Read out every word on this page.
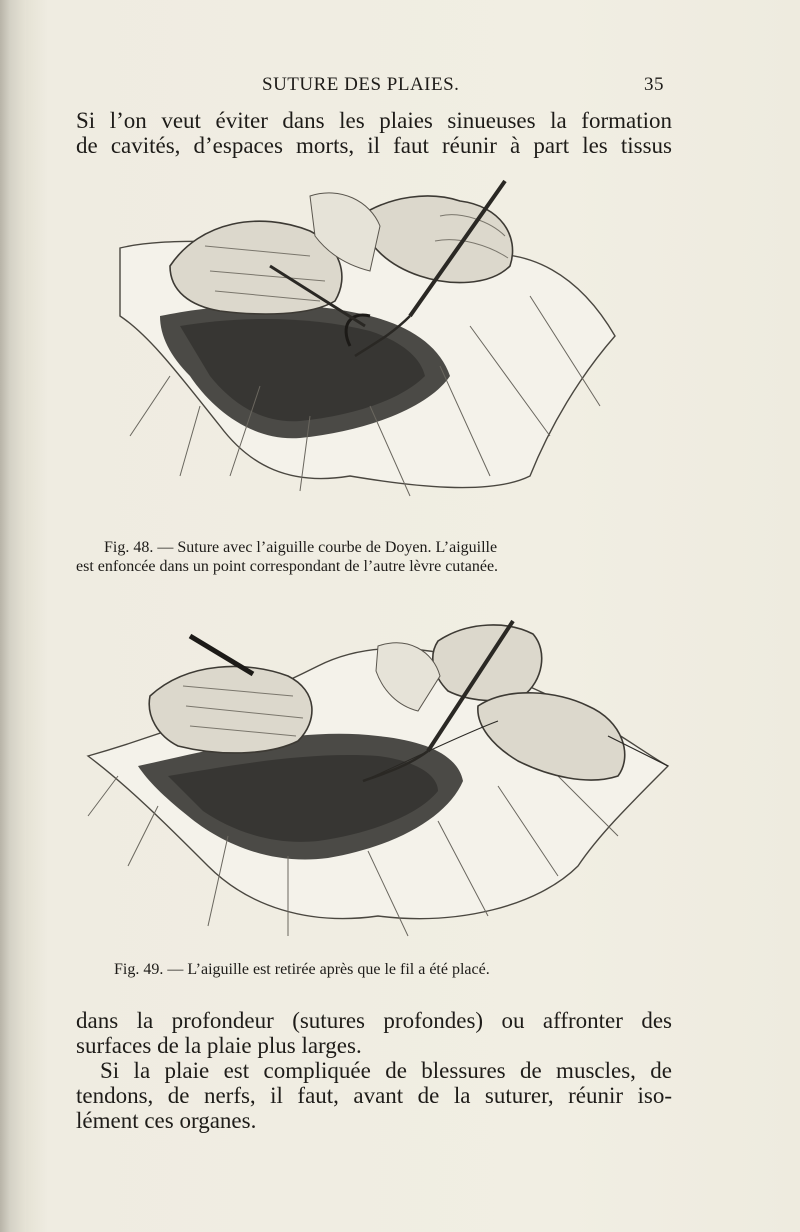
SUTURE DES PLAIES.	35
Si l’on veut éviter dans les plaies sinueuses la formation
de cavités, d’espaces morts, il faut réunir à part les tissus
Fig. 48. — Suture avec l’aiguille courbe de Doyen. L’aiguille
est enfoncée dans un point correspondant de l’autre lèvre cutanée.
Fig. 49. — L’aiguille est retirée après que le fil a été placé.
dans la profondeur (sutures profondes) ou affronter des
surfaces de la plaie plus larges.
Si la plaie est compliquée de blessures de muscles, de
tendons, de nerfs, il faut, avant de la suturer, réunir iso-
lément ces organes.
